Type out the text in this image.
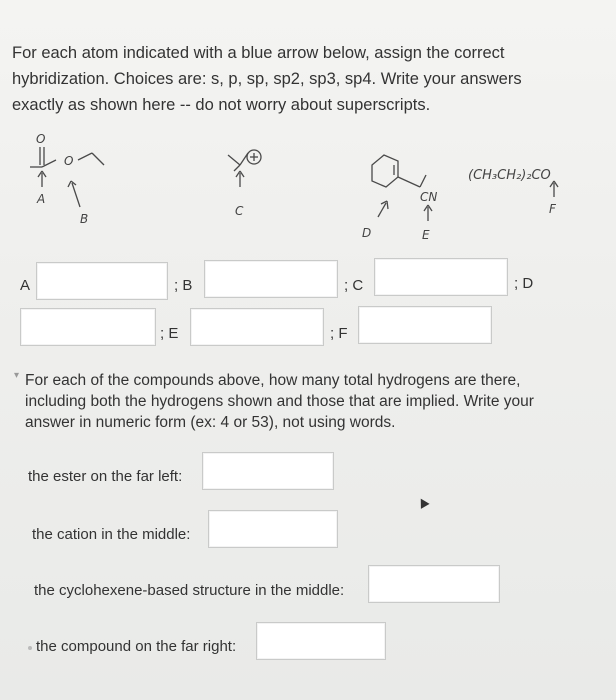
For each atom indicated with a blue arrow below, assign the correct
hybridization. Choices are: s, p, sp, sp2, sp3, sp4. Write your answers
exactly as shown here -- do not worry about superscripts.
O
O
A
B
C
CN
D	E
(CH₃CH₂)₂CO
F
A	; B	; C	; D
; E	; F
▾ For each of the compounds above, how many total hydrogens are there,
including both the hydrogens shown and those that are implied. Write your
answer in numeric form (ex: 4 or 53), not using words.
the ester on the far left:
the cation in the middle:
the cyclohexene-based structure in the middle:
the compound on the far right:
